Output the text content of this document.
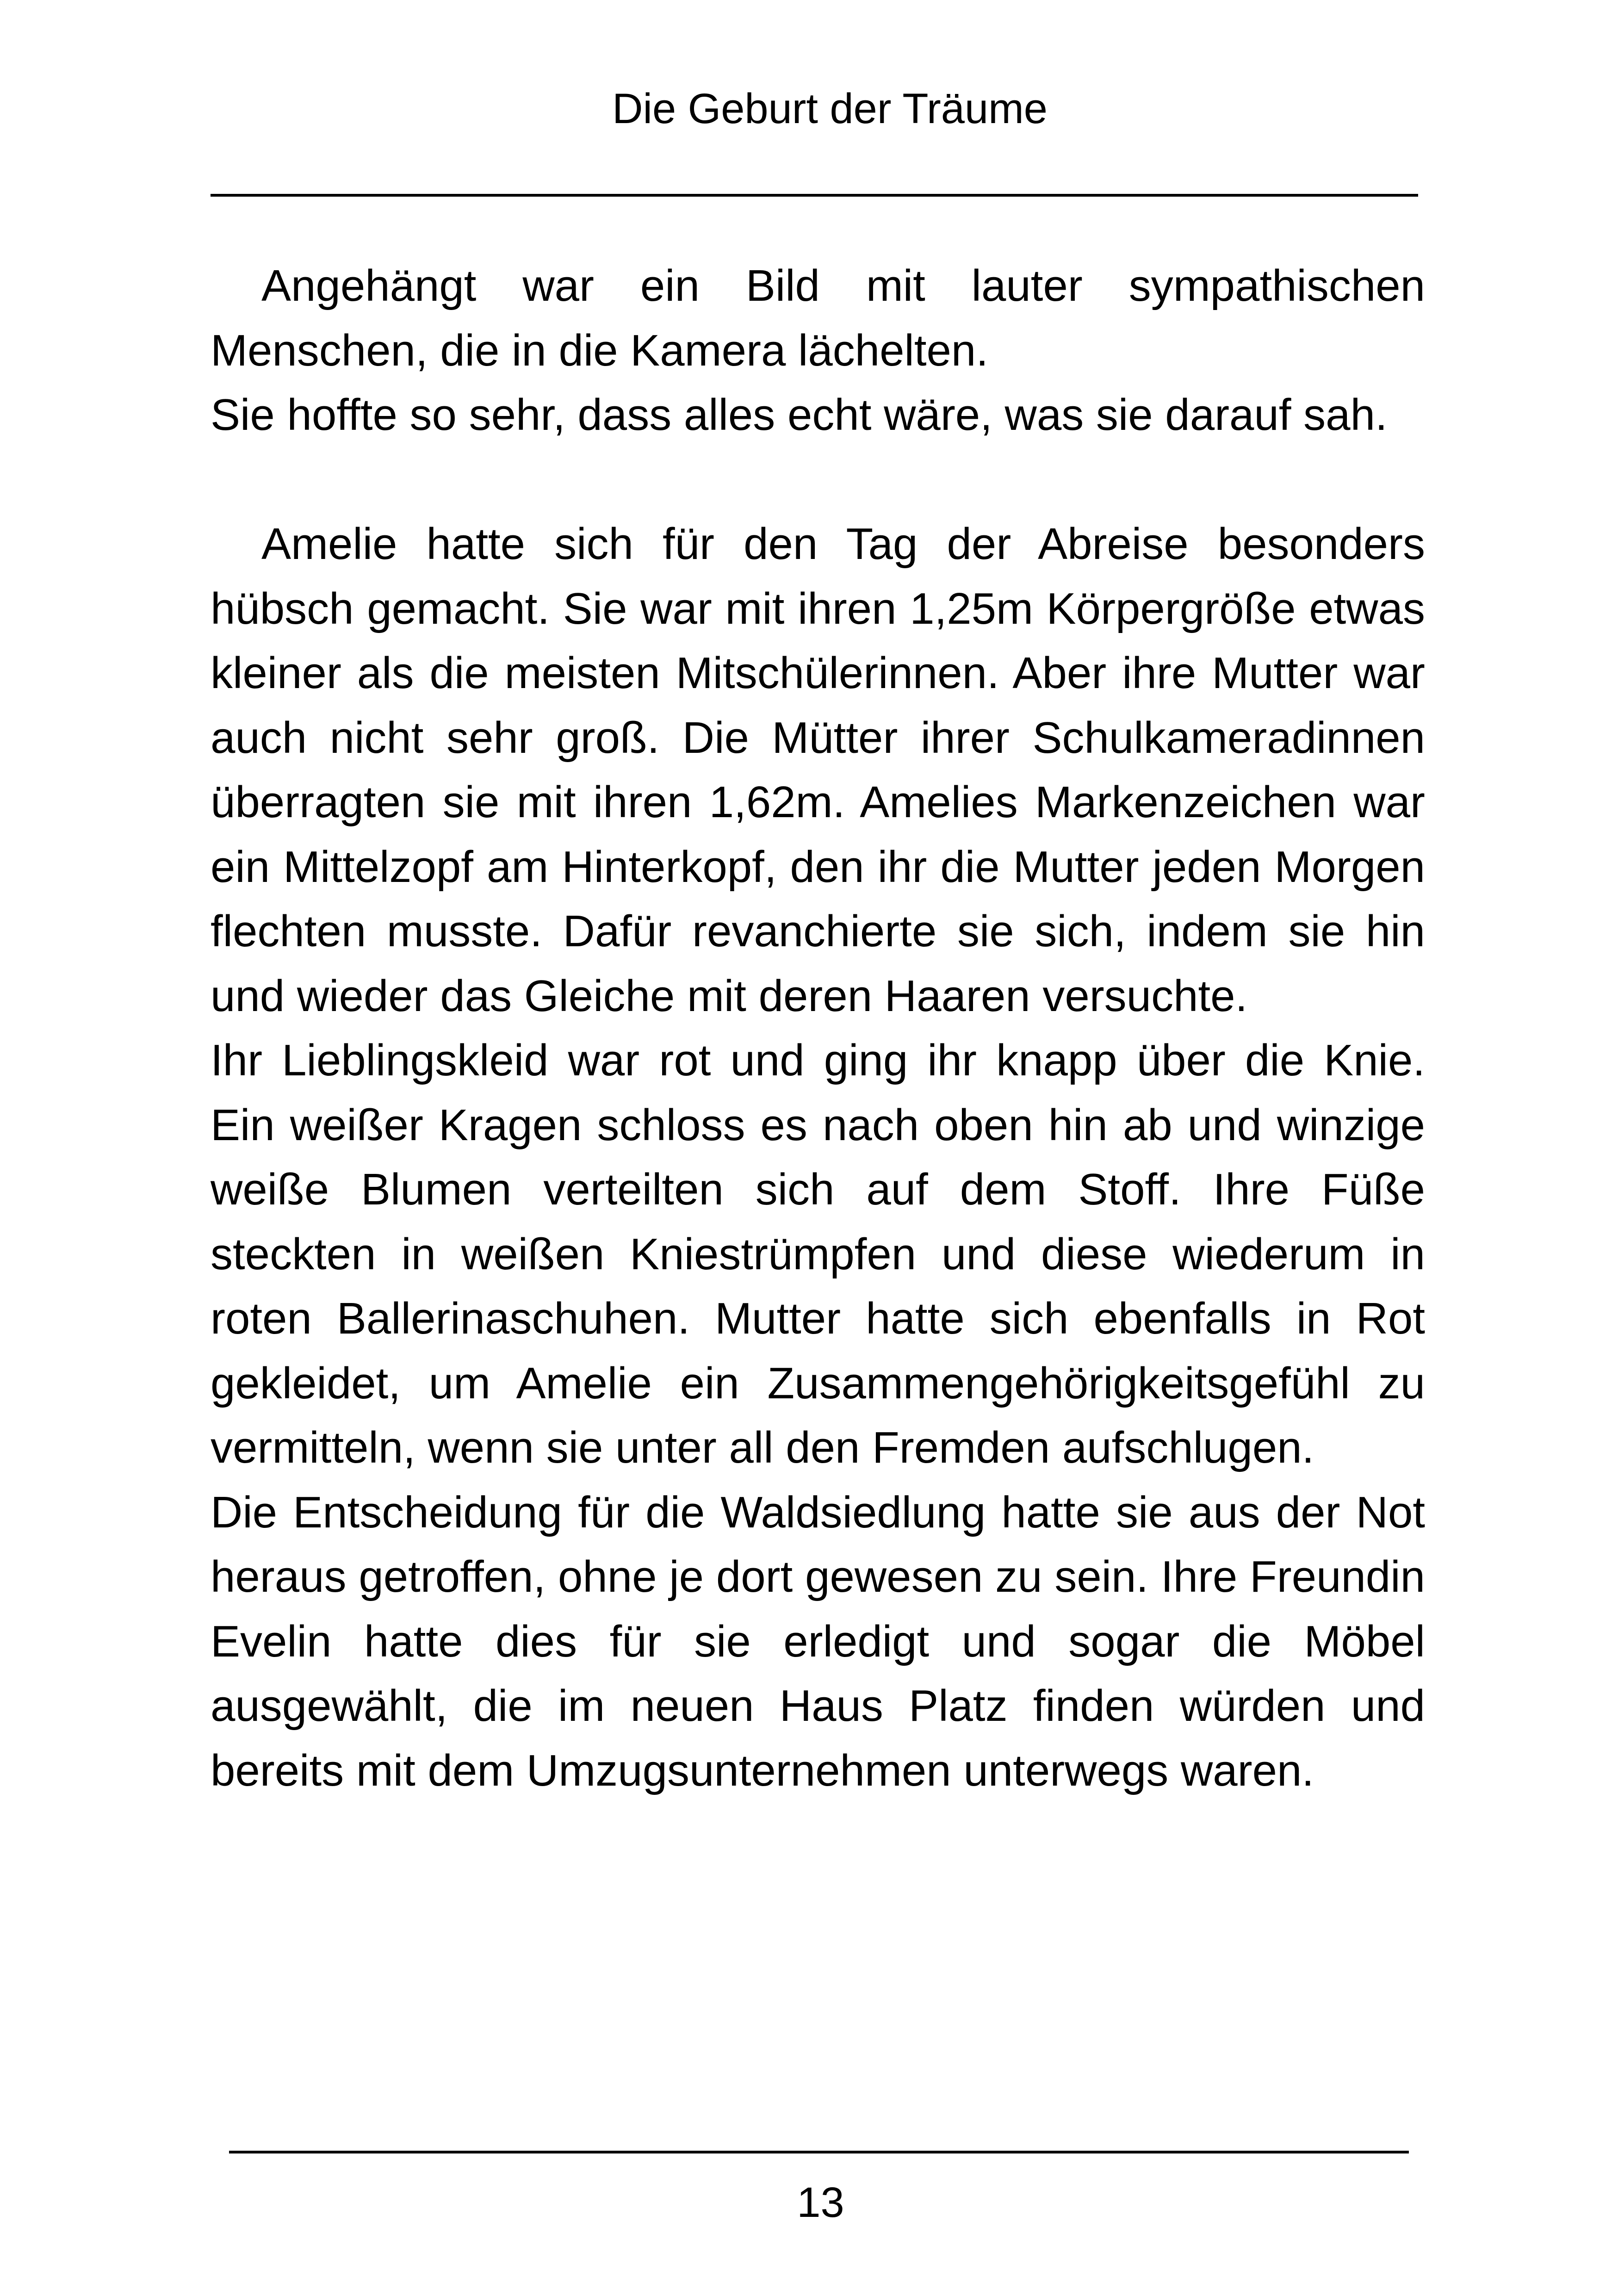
Die Geburt der Träume

Angehängt war ein Bild mit lauter sympathischen Menschen, die in die Kamera lächelten.

Sie hoffte so sehr, dass alles echt wäre, was sie darauf sah.

Amelie hatte sich für den Tag der Abreise besonders hübsch gemacht. Sie war mit ihren 1,25m Körpergröße etwas kleiner als die meisten Mitschülerinnen. Aber ihre Mutter war auch nicht sehr groß. Die Mütter ihrer Schulkameradinnen überragten sie mit ihren 1,62m. Amelies Markenzeichen war ein Mittelzopf am Hinterkopf, den ihr die Mutter jeden Morgen flechten musste. Dafür revanchierte sie sich, indem sie hin und wieder das Gleiche mit deren Haaren versuchte.

Ihr Lieblingskleid war rot und ging ihr knapp über die Knie. Ein weißer Kragen schloss es nach oben hin ab und winzige weiße Blumen verteilten sich auf dem Stoff. Ihre Füße steckten in weißen Kniestrümpfen und diese wiederum in roten Ballerinaschuhen. Mutter hatte sich ebenfalls in Rot gekleidet, um Amelie ein Zusammengehörigkeitsgefühl zu vermitteln, wenn sie unter all den Fremden aufschlugen.

Die Entscheidung für die Waldsiedlung hatte sie aus der Not heraus getroffen, ohne je dort gewesen zu sein. Ihre Freundin Evelin hatte dies für sie erledigt und sogar die Möbel ausgewählt, die im neuen Haus Platz finden würden und bereits mit dem Umzugsunternehmen unterwegs waren.

13
